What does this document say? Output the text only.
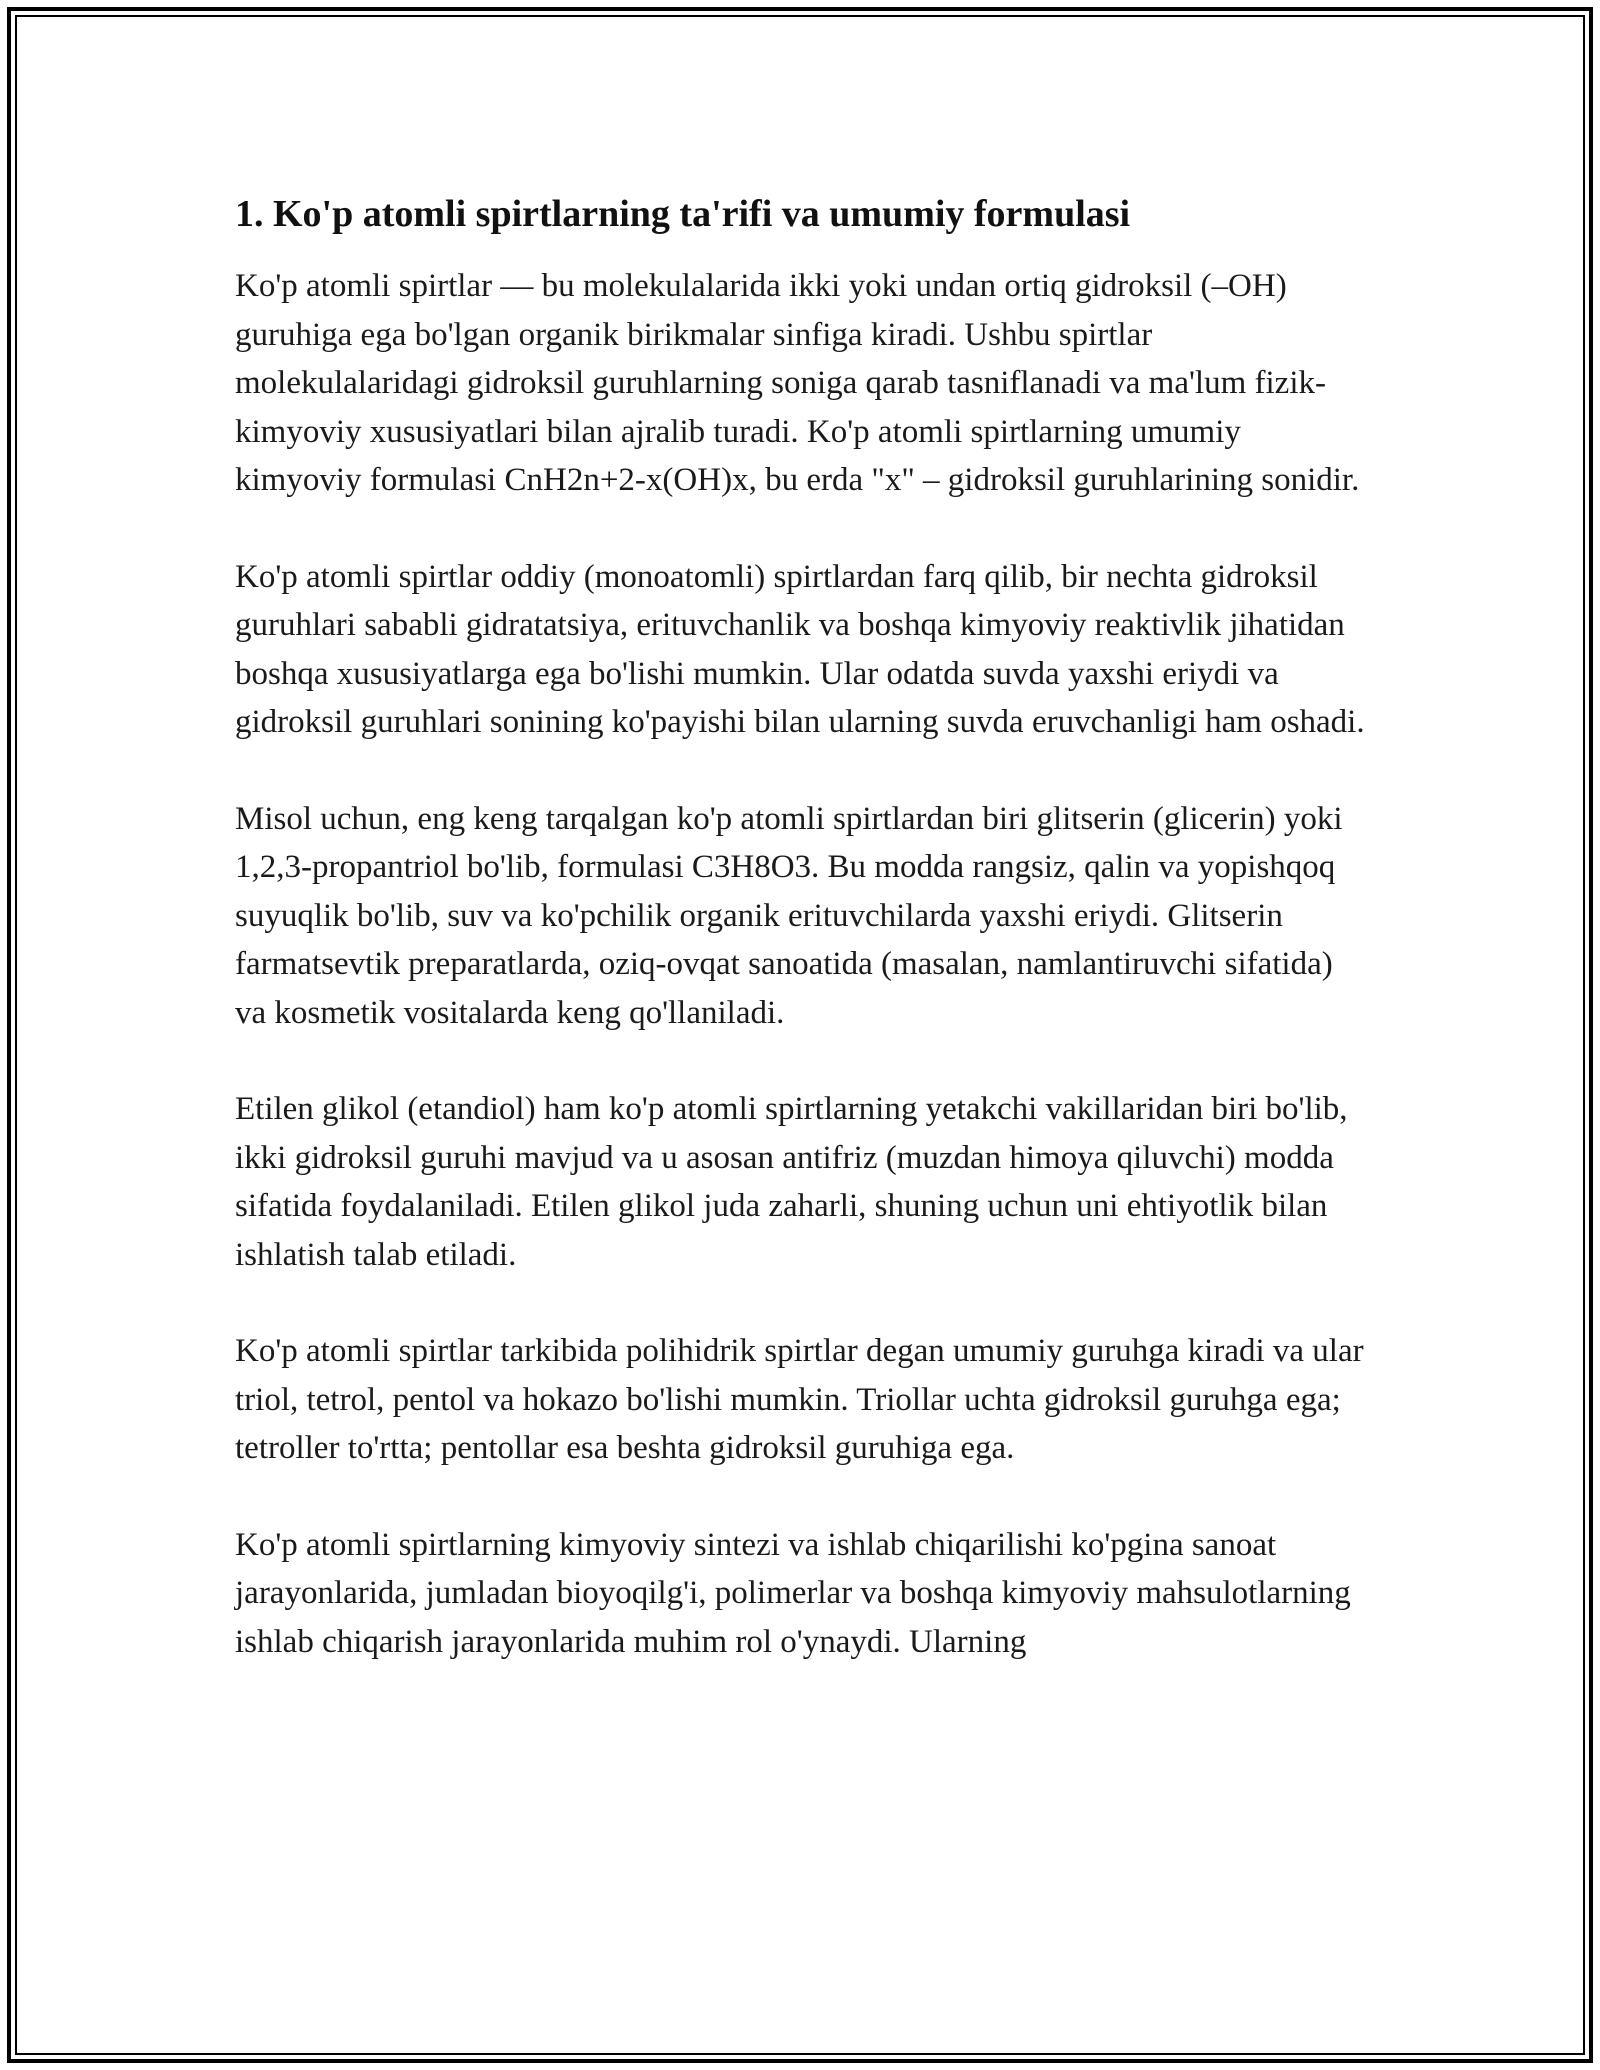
1. Ko'p atomli spirtlarning ta'rifi va umumiy formulasi

Ko'p atomli spirtlar — bu molekulalarida ikki yoki undan ortiq gidroksil (–OH) guruhiga ega bo'lgan organik birikmalar sinfiga kiradi. Ushbu spirtlar molekulalaridagi gidroksil guruhlarning soniga qarab tasniflanadi va ma'lum fizik-kimyoviy xususiyatlari bilan ajralib turadi. Ko'p atomli spirtlarning umumiy kimyoviy formulasi CnH2n+2-x(OH)x, bu erda "x" – gidroksil guruhlarining sonidir.

Ko'p atomli spirtlar oddiy (monoatomli) spirtlardan farq qilib, bir nechta gidroksil guruhlari sababli gidratatsiya, erituvchanlik va boshqa kimyoviy reaktivlik jihatidan boshqa xususiyatlarga ega bo'lishi mumkin. Ular odatda suvda yaxshi eriydi va gidroksil guruhlari sonining ko'payishi bilan ularning suvda eruvchanligi ham oshadi.

Misol uchun, eng keng tarqalgan ko'p atomli spirtlardan biri glitserin (glicerin) yoki 1,2,3-propantriol bo'lib, formulasi C3H8O3. Bu modda rangsiz, qalin va yopishqoq suyuqlik bo'lib, suv va ko'pchilik organik erituvchilarda yaxshi eriydi. Glitserin farmatsevtik preparatlarda, oziq-ovqat sanoatida (masalan, namlantiruvchi sifatida) va kosmetik vositalarda keng qo'llaniladi.

Etilen glikol (etandiol) ham ko'p atomli spirtlarning yetakchi vakillaridan biri bo'lib, ikki gidroksil guruhi mavjud va u asosan antifriz (muzdan himoya qiluvchi) modda sifatida foydalaniladi. Etilen glikol juda zaharli, shuning uchun uni ehtiyotlik bilan ishlatish talab etiladi.

Ko'p atomli spirtlar tarkibida polihidrik spirtlar degan umumiy guruhga kiradi va ular triol, tetrol, pentol va hokazo bo'lishi mumkin. Triollar uchta gidroksil guruhga ega; tetroller to'rtta; pentollar esa beshta gidroksil guruhiga ega.

Ko'p atomli spirtlarning kimyoviy sintezi va ishlab chiqarilishi ko'pgina sanoat jarayonlarida, jumladan bioyoqilg'i, polimerlar va boshqa kimyoviy mahsulotlarning ishlab chiqarish jarayonlarida muhim rol o'ynaydi. Ularning
